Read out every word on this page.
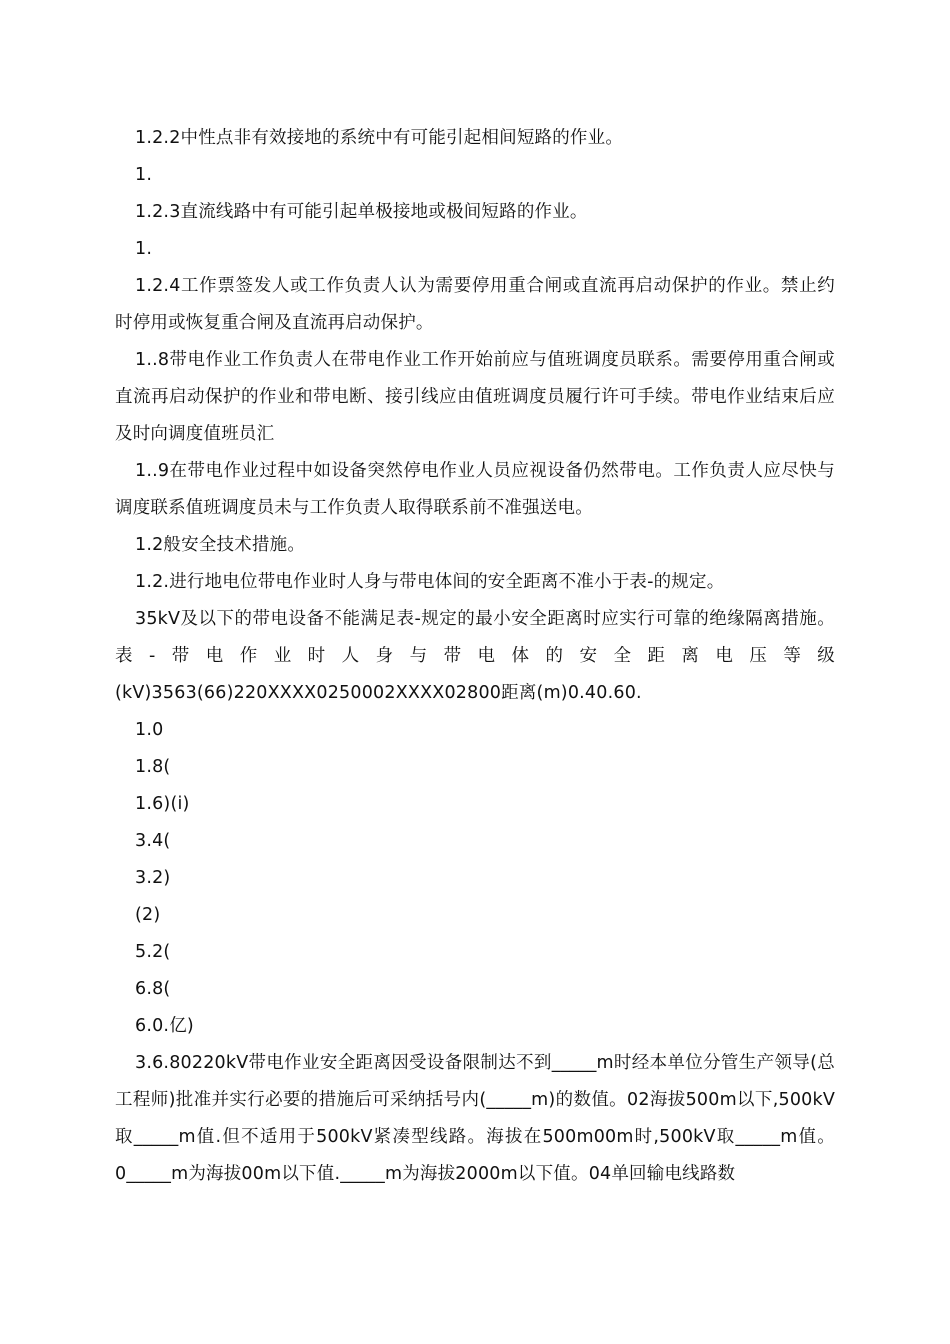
1.2.2中性点非有效接地的系统中有可能引起相间短路的作业。

1.

1.2.3直流线路中有可能引起单极接地或极间短路的作业。

1.

1.2.4工作票签发人或工作负责人认为需要停用重合闸或直流再启动保护的作业。禁止约时停用或恢复重合闸及直流再启动保护。

1..8带电作业工作负责人在带电作业工作开始前应与值班调度员联系。需要停用重合闸或直流再启动保护的作业和带电断、接引线应由值班调度员履行许可手续。带电作业结束后应及时向调度值班员汇

1..9在带电作业过程中如设备突然停电作业人员应视设备仍然带电。工作负责人应尽快与调度联系值班调度员未与工作负责人取得联系前不准强送电。

1.2般安全技术措施。

1.2.进行地电位带电作业时人身与带电体间的安全距离不准小于表-的规定。

35kV及以下的带电设备不能满足表-规定的最小安全距离时应实行可靠的绝缘隔离措施。表-带电作业时人身与带电体的安全距离电压等级(kV)3563(66)220XXXX0250002XXXX02800距离(m)0.40.60.

1.0

1.8(

1.6)(i)

3.4(

3.2)

(2)

5.2(

6.8(

6.0.亿)

3.6.80220kV带电作业安全距离因受设备限制达不到_____m时经本单位分管生产领导(总工程师)批准并实行必要的措施后可采纳括号内(_____m)的数值。02海拔500m以下,500kV取_____m值.但不适用于500kV紧凑型线路。海拔在500m00m时,500kV取_____m值。0_____m为海拔00m以下值._____m为海拔2000m以下值。04单回输电线路数
